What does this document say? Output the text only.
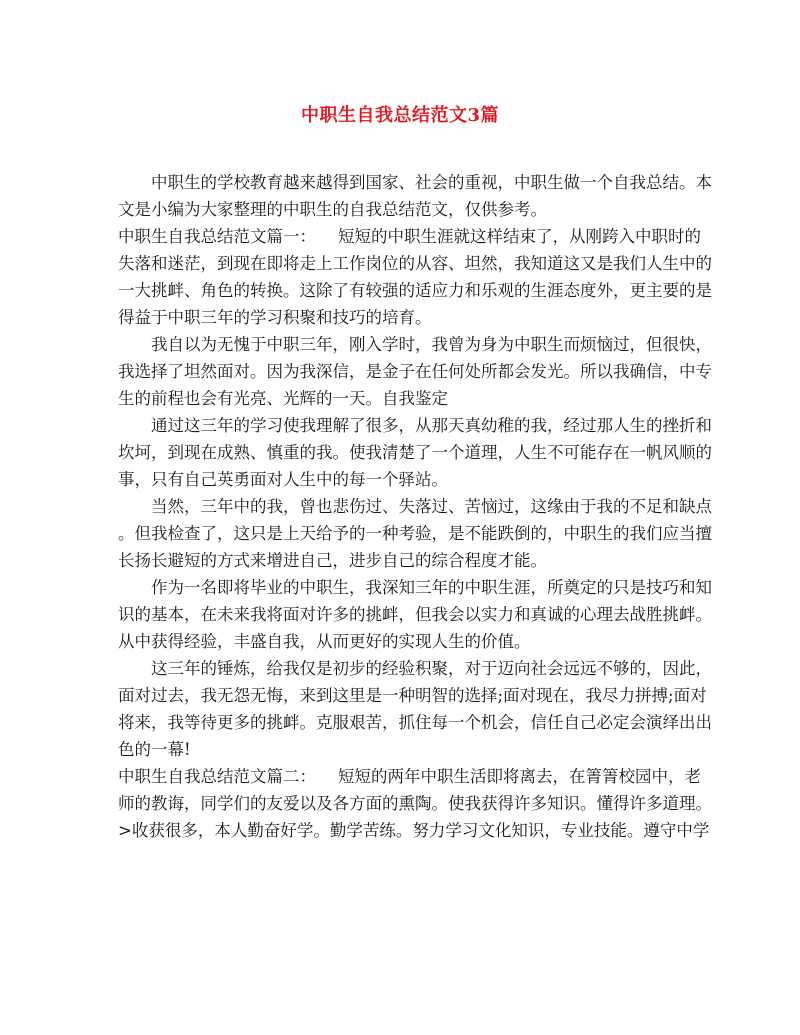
中职生自我总结范文3篇
中职生的学校教育越来越得到国家、社会的重视，中职生做一个自我总结。本
文是小编为大家整理的中职生的自我总结范文，仅供参考。
中职生自我总结范文篇一：	短短的中职生涯就这样结束了，从刚跨入中职时的
失落和迷茫，到现在即将走上工作岗位的从容、坦然，我知道这又是我们人生中的
一大挑衅、角色的转换。这除了有较强的适应力和乐观的生涯态度外，更主要的是
得益于中职三年的学习积聚和技巧的培育。
我自以为无愧于中职三年，刚入学时，我曾为身为中职生而烦恼过，但很快，
我选择了坦然面对。因为我深信，是金子在任何处所都会发光。所以我确信，中专
生的前程也会有光亮、光辉的一天。自我鉴定
通过这三年的学习使我理解了很多，从那天真幼稚的我，经过那人生的挫折和
坎坷，到现在成熟、慎重的我。使我清楚了一个道理，人生不可能存在一帆风顺的
事，只有自己英勇面对人生中的每一个驿站。
当然，三年中的我，曾也悲伤过、失落过、苦恼过，这缘由于我的不足和缺点
。但我检查了，这只是上天给予的一种考验，是不能跌倒的，中职生的我们应当擅
长扬长避短的方式来增进自己，进步自己的综合程度才能。
作为一名即将毕业的中职生，我深知三年的中职生涯，所奠定的只是技巧和知
识的基本，在未来我将面对许多的挑衅，但我会以实力和真诚的心理去战胜挑衅。
从中获得经验，丰盛自我，从而更好的实现人生的价值。
这三年的锤炼，给我仅是初步的经验积聚，对于迈向社会远远不够的，因此，
面对过去，我无怨无悔，来到这里是一种明智的选择;面对现在，我尽力拼搏;面对
将来，我等待更多的挑衅。克服艰苦，抓住每一个机会，信任自己必定会演绎出出
色的一幕!
中职生自我总结范文篇二：	短短的两年中职生活即将离去，在箐箐校园中，老
师的教诲，同学们的友爱以及各方面的熏陶。使我获得许多知识。懂得许多道理。
>收获很多，本人勤奋好学。勤学苦练。努力学习文化知识，专业技能。遵守中学
